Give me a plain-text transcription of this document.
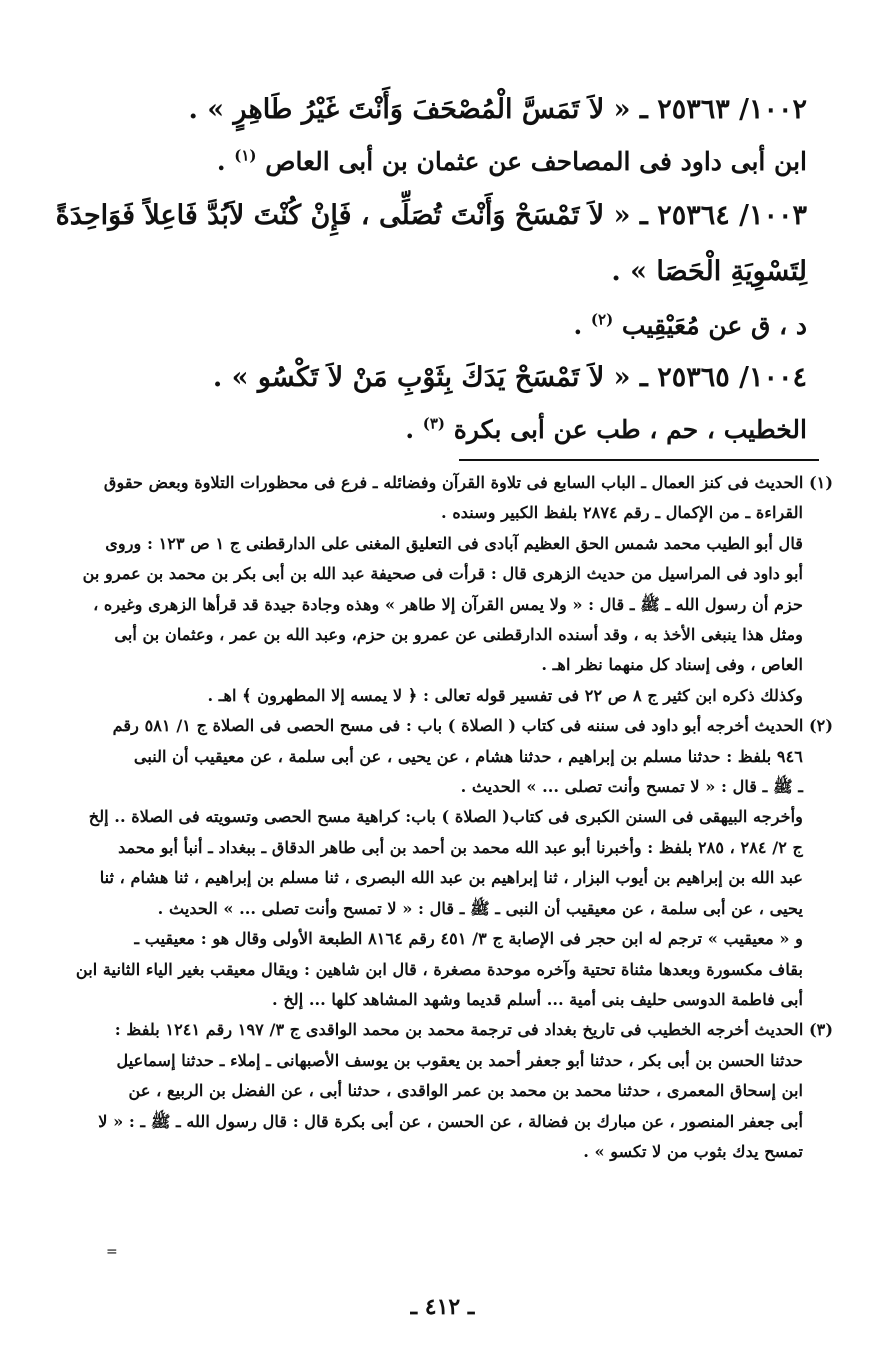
١٠٠٢/ ٢٥٣٦٣ ـ « لاَ تَمَسَّ الْمُصْحَفَ وَأَنْتَ غَيْرُ طَاهِرٍ » .

ابن أبى داود فى المصاحف عن عثمان بن أبى العاص $^{(١)}$ .

١٠٠٣/ ٢٥٣٦٤ ـ « لاَ تَمْسَحْ وَأَنْتَ تُصَلِّى ، فَإِنْ كُنْتَ لاَبُدَّ فَاعِلاً فَوَاحِدَةً لِتَسْوِيَةِ الْحَصَا » .

د ، ق عن مُعَيْقِيب $^{(٢)}$ .

١٠٠٤/ ٢٥٣٦٥ ـ « لاَ تَمْسَحْ يَدَكَ بِثَوْبِ مَنْ لاَ تَكْسُو » .

الخطيب ، حم ، طب عن أبى بكرة $^{(٣)}$ .

(١) الحديث فى كنز العمال ـ الباب السابع فى تلاوة القرآن وفضائله ـ فرع فى محظورات التلاوة وبعض حقوق

القراءة ـ من الإكمال ـ رقم ٢٨٧٤ بلفظ الكبير وسنده .

قال أبو الطيب محمد شمس الحق العظيم آبادى فى التعليق المغنى على الدارقطنى ج ١ ص ١٢٣ : وروى

أبو داود فى المراسيل من حديث الزهرى قال : قرأت فى صحيفة عبد الله بن أبى بكر بن محمد بن عمرو بن

حزم أن رسول الله ـ ﷺ ـ قال : « ولا يمس القرآن إلا طاهر » وهذه وجادة جيدة قد قرأها الزهرى وغيره ،

ومثل هذا ينبغى الأخذ به ، وقد أسنده الدارقطنى عن عمرو بن حزم، وعبد الله بن عمر ، وعثمان بن أبى

العاص ، وفى إسناد كل منهما نظر اهـ .

وكذلك ذكره ابن كثير ج ٨ ص ٢٢ فى تفسير قوله تعالى : ﴿ لا يمسه إلا المطهرون ﴾ اهـ .

(٢) الحديث أخرجه أبو داود فى سننه فى كتاب ( الصلاة ) باب : فى مسح الحصى فى الصلاة ج ١/ ٥٨١ رقم

٩٤٦ بلفظ : حدثنا مسلم بن إبراهيم ، حدثنا هشام ، عن يحيى ، عن أبى سلمة ، عن معيقيب أن النبى

ـ ﷺ ـ قال : « لا تمسح وأنت تصلى ... » الحديث .

وأخرجه البيهقى فى السنن الكبرى فى كتاب( الصلاة ) باب: كراهية مسح الحصى وتسويته فى الصلاة .. إلخ

ج ٢/ ٢٨٤ ، ٢٨٥ بلفظ : وأخبرنا أبو عبد الله محمد بن أحمد بن أبى طاهر الدقاق ـ ببغداد ـ أنبأ أبو محمد

عبد الله بن إبراهيم بن أيوب البزار ، ثنا إبراهيم بن عبد الله البصرى ، ثنا مسلم بن إبراهيم ، ثنا هشام ، ثنا

يحيى ، عن أبى سلمة ، عن معيقيب أن النبى ـ ﷺ ـ قال : « لا تمسح وأنت تصلى ... » الحديث .

و « معيقيب » ترجم له ابن حجر فى الإصابة ج ٣/ ٤٥١ رقم ٨١٦٤ الطبعة الأولى وقال هو : معيقيب ـ

بقاف مكسورة وبعدها مثناة تحتية وآخره موحدة مصغرة ، قال ابن شاهين : ويقال معيقب بغير الياء الثانية ابن

أبى فاطمة الدوسى حليف بنى أمية ... أسلم قديما وشهد المشاهد كلها ... إلخ .

(٣) الحديث أخرجه الخطيب فى تاريخ بغداد فى ترجمة محمد بن محمد الواقدى ج ٣/ ١٩٧ رقم ١٢٤١ بلفظ :

حدثنا الحسن بن أبى بكر ، حدثنا أبو جعفر أحمد بن يعقوب بن يوسف الأصبهانى ـ إملاء ـ حدثنا إسماعيل

ابن إسحاق المعمرى ، حدثنا محمد بن محمد بن عمر الواقدى ، حدثنا أبى ، عن الفضل بن الربيع ، عن

أبى جعفر المنصور ، عن مبارك بن فضالة ، عن الحسن ، عن أبى بكرة قال : قال رسول الله ـ ﷺ ـ : « لا

تمسح يدك بثوب من لا تكسو » .

=
ـ ٤١٢ ـ
